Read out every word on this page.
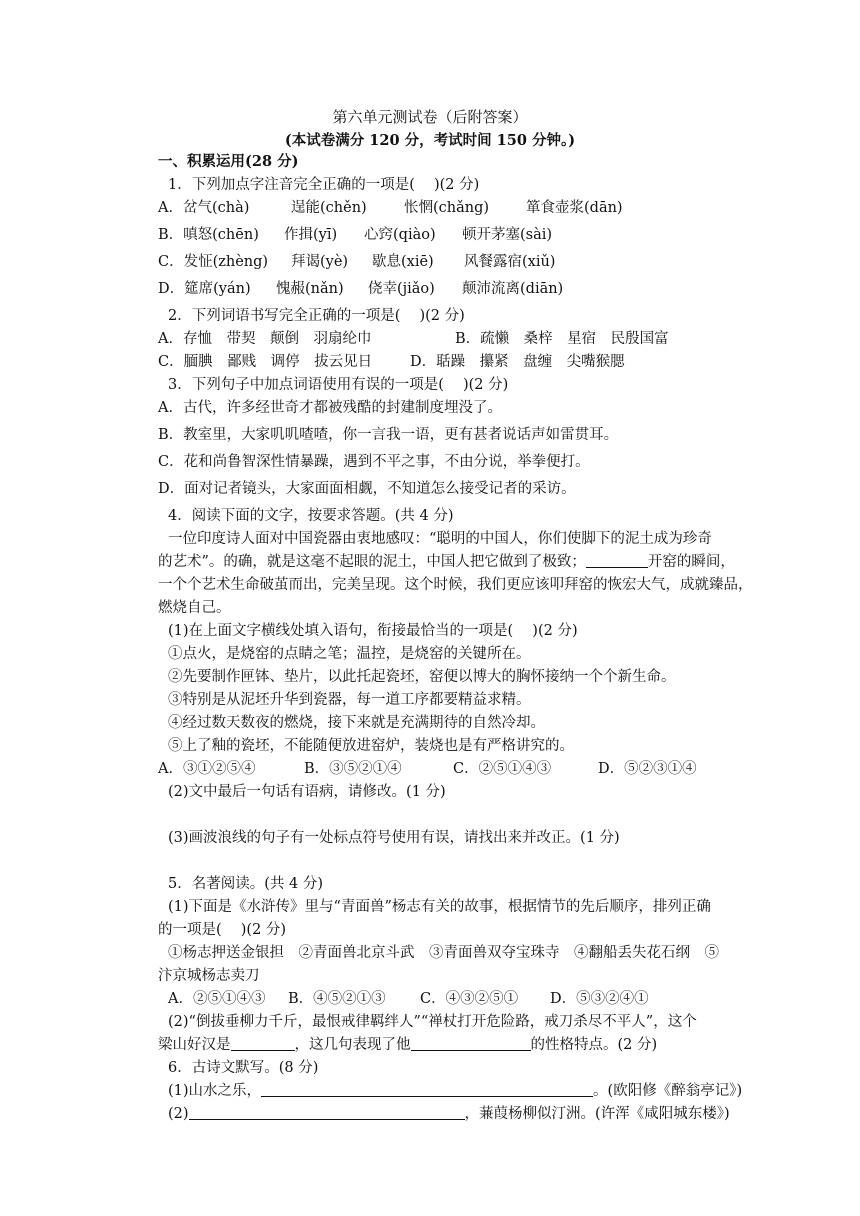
第六单元测试卷（后附答案）
(本试卷满分 120 分，考试时间 150 分钟。)
一、积累运用(28 分)
1．下列加点字注音完全正确的一项是(　 )(2 分)
A．岔气(chà)	逞能(chěn)	怅惘(chǎng)	箪食壶浆(dān)
B．嗔怒(chēn) 作揖(yī) 心窍(qiào) 顿开茅塞(sài)
C．发怔(zhèng) 拜谒(yè) 歇息(xiē) 风餐露宿(xiǔ)
D．筵席(yán) 愧赧(nǎn) 侥幸(jiǎo) 颠沛流离(diān)
2．下列词语书写完全正确的一项是(　 )(2 分)
A．存恤　带契　颠倒　羽扇纶巾	B．疏懒　桑梓　星宿　民殷国富
C．腼腆　鄙贱　调停　拔云见日	D．聒躁　攥紧　盘缠　尖嘴猴腮
3．下列句子中加点词语使用有误的一项是(　 )(2 分)
A．古代，许多经世奇才都被残酷的封建制度埋没了。
B．教室里，大家叽叽喳喳，你一言我一语，更有甚者说话声如雷贯耳。
C．花和尚鲁智深性情暴躁，遇到不平之事，不由分说，举拳便打。
D．面对记者镜头，大家面面相觑，不知道怎么接受记者的采访。
4．阅读下面的文字，按要求答题。(共 4 分)
一位印度诗人面对中国瓷器由衷地感叹：“聪明的中国人，你们使脚下的泥土成为珍奇
的艺术”。的确，就是这毫不起眼的泥土，中国人把它做到了极致；	开窑的瞬间，
一个个艺术生命破茧而出，完美呈现。这个时候，我们更应该叩拜窑的恢宏大气，成就臻品，
燃烧自己。
(1)在上面文字横线处填入语句，衔接最恰当的一项是(　 )(2 分)
①点火，是烧窑的点睛之笔；温控，是烧窑的关键所在。
②先要制作匣钵、垫片，以此托起瓷坯，窑便以博大的胸怀接纳一个个新生命。
③特别是从泥坯升华到瓷器，每一道工序都要精益求精。
④经过数天数夜的燃烧，接下来就是充满期待的自然冷却。
⑤上了釉的瓷坯，不能随便放进窑炉，装烧也是有严格讲究的。
A．③①②⑤④	B．③⑤②①④	C．②⑤①④③	D．⑤②③①④
(2)文中最后一句话有语病，请修改。(1 分)
(3)画波浪线的句子有一处标点符号使用有误，请找出来并改正。(1 分)
5．名著阅读。(共 4 分)
(1)下面是《水浒传》里与“青面兽”杨志有关的故事，根据情节的先后顺序，排列正确
的一项是(　 )(2 分)
①杨志押送金银担　②青面兽北京斗武　③青面兽双夺宝珠寺　④翻船丢失花石纲　⑤
汴京城杨志卖刀
A．②⑤①④③ B．④⑤②①③ C．④③②⑤① D．⑤③②④①
(2)“倒拔垂柳力千斤，最恨戒律羁绊人”“禅杖打开危险路，戒刀杀尽不平人”，这个
梁山好汉是	，这几句表现了他	的性格特点。(2 分)
6．古诗文默写。(8 分)
(1)山水之乐，	。(欧阳修《醉翁亭记》)
(2)	，蒹葭杨柳似汀洲。(许浑《咸阳城东楼》)
